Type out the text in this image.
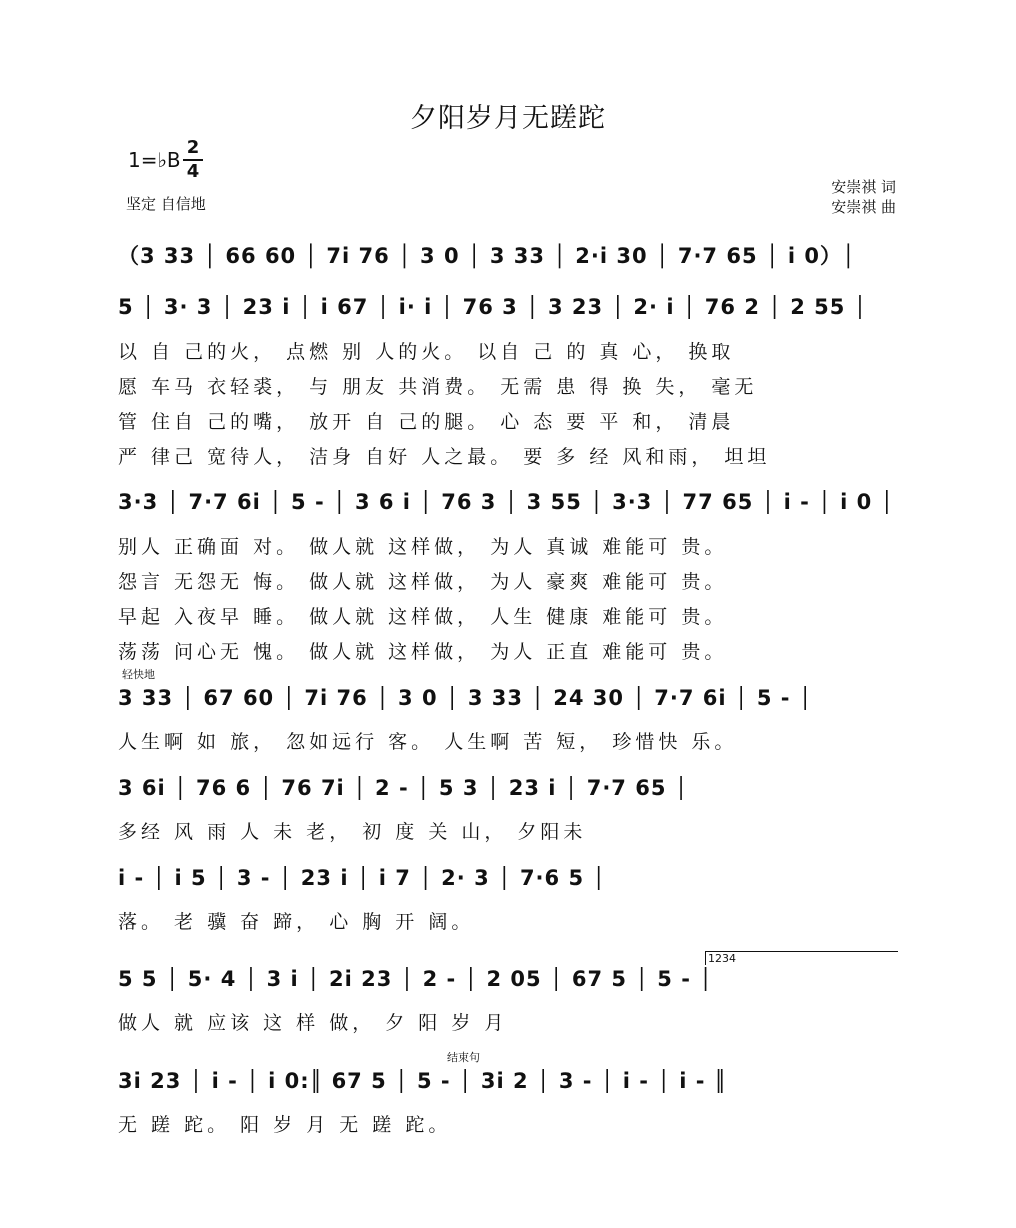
夕阳岁月无蹉跎
1=♭B
2
4
坚定 自信地
安崇祺 词
安崇祺 曲
（3 33 │ 66 60 │ 7i 76 │ 3 0 │ 3 33 │ 2·i 30 │ 7·7 65 │ i 0）│
5 │ 3· 3 │ 23 i │ i 67 │ i· i │ 76 3 │ 3 23 │ 2· i │ 76 2 │ 2 55 │
以 自 己的火， 点燃 别 人的火。 以自 己 的 真 心， 换取
愿 车马 衣轻裘， 与 朋友 共消费。 无需 患 得 换 失， 毫无
管 住自 己的嘴， 放开 自 己的腿。 心 态 要 平 和， 清晨
严 律己 宽待人， 洁身 自好 人之最。 要 多 经 风和雨， 坦坦
3·3 │ 7·7 6i │ 5 - │ 3 6 i │ 76 3 │ 3 55 │ 3·3 │ 77 65 │ i - │ i 0 │
别人 正确面 对。 做人就 这样做， 为人 真诚 难能可 贵。
怨言 无怨无 悔。 做人就 这样做， 为人 豪爽 难能可 贵。
早起 入夜早 睡。 做人就 这样做， 人生 健康 难能可 贵。
荡荡 问心无 愧。 做人就 这样做， 为人 正直 难能可 贵。
轻快地
3 33 │ 67 60 │ 7i 76 │ 3 0 │ 3 33 │ 24 30 │ 7·7 6i │ 5 - │
人生啊 如 旅， 忽如远行 客。 人生啊 苦 短， 珍惜快 乐。
3 6i │ 76 6 │ 76 7i │ 2 - │ 5 3 │ 23 i │ 7·7 65 │
多经 风 雨 人 未 老， 初 度 关 山， 夕阳未
i - │ i 5 │ 3 - │ 23 i │ i 7 │ 2· 3 │ 7·6 5 │
落。 老 骥 奋 蹄， 心 胸 开 阔。
1234
5 5 │ 5· 4 │ 3 i │ 2i 23 │ 2 - │ 2 05 │ 67 5 │ 5 - │
做人 就 应该 这 样 做， 夕 阳 岁 月
结束句
3i 23 │ i - │ i 0:║ 67 5 │ 5 - │ 3i 2 │ 3 - │ i - │ i - ║
无 蹉 跎。 阳 岁 月 无 蹉 跎。
